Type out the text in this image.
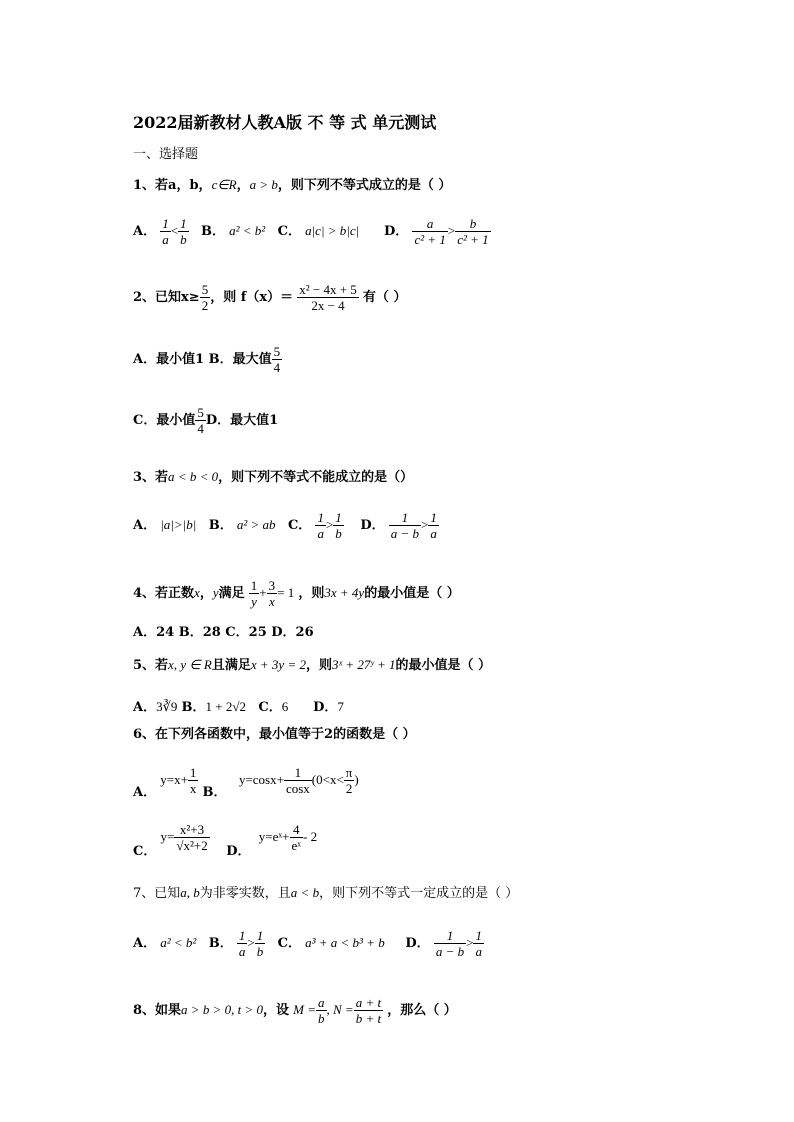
2022届新教材人教A版 不 等 式 单元测试
一、选择题
1、若a，b，c∈R，a > b，则下列不等式成立的是（ ）
A． $\frac{1}{a} < \frac{1}{b}$ B． a² < b² C． a|c| > b|c| D． $\frac{a}{\text{c² + 1}} > \frac{b}{\text{c² + 1}}$
2、已知$x\ge \frac{5}{2}$ ，则 $f(x)= \frac{\text{x² − 4x + 5}}{2x - 4}$ 有（ ）
A．最小值1 B．最大值 $\frac{5}{4}$
C．最小值 $\frac{5}{4}$ D．最大值1
3、若a < b < 0，则下列不等式不能成立的是（）
A． |a|>|b| B． a² > ab C． $\frac{1}{a} > \frac{1}{b}$ D． $\frac{1}{a - b} > \frac{1}{a}$
4、若正数x，y满足 $\frac{1}{y} + \frac{3}{x} = 1$ ，则3x + 4y的最小值是（ ）
A．24 B．28 C．25 D．26
5、若x, y ∈ R且满足x + 3y = 2，则3ˣ + 27ʸ + 1的最小值是（ ）
A．3∛9 B．1 + 2√2 C．6 D．7
6、在下列各函数中，最小值等于2的函数是（ ）
A． $y=x+ \frac{1}{x}$ B．   $y=\cos x+ \frac{1}{\cos x} (0<x< \frac{\pi}{2}$ )
C． $y= \frac{\text{x²+3}}{\text{√x²+2}}$ D．  y=eˣ+ $\frac{4}{\text{eˣ}} - 2$
7、已知a, b为非零实数，且a < b，则下列不等式一定成立的是（ ）
A． a² < b² B． $\frac{1}{a} > \frac{1}{b}$ C． a³ + a < b³ + b D． $\frac{1}{a - b} > \frac{1}{a}$
8、如果a > b > 0, t > 0，设 $M = \frac{a}{b}$ , $N = \frac{a + t}{b + t}$ ，那么（ ）
